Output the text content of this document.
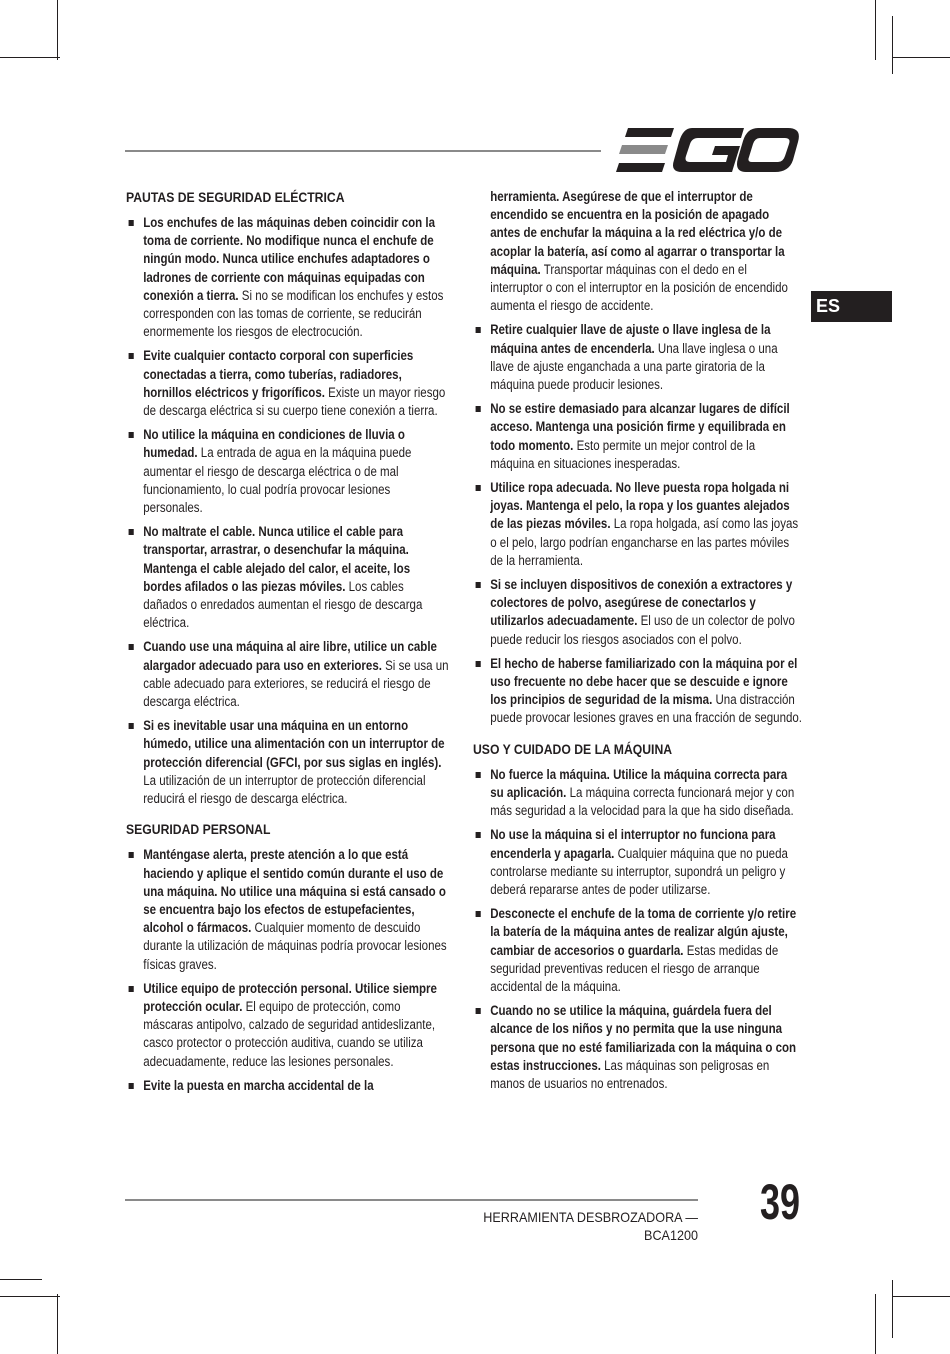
ES
PAUTAS DE SEGURIDAD ELÉCTRICA
Los enchufes de las máquinas deben coincidir con la toma de corriente. No modifique nunca el enchufe de ningún modo. Nunca utilice enchufes adaptadores o ladrones de corriente con máquinas equipadas con conexión a tierra. Si no se modifican los enchufes y estos corresponden con las tomas de corriente, se reducirán enormemente los riesgos de electrocución.
Evite cualquier contacto corporal con superficies conectadas a tierra, como tuberías, radiadores, hornillos eléctricos y frigoríficos. Existe un mayor riesgo de descarga eléctrica si su cuerpo tiene conexión a tierra.
No utilice la máquina en condiciones de lluvia o humedad. La entrada de agua en la máquina puede aumentar el riesgo de descarga eléctrica o de mal funcionamiento, lo cual podría provocar lesiones personales.
No maltrate el cable. Nunca utilice el cable para transportar, arrastrar, o desenchufar la máquina. Mantenga el cable alejado del calor, el aceite, los bordes afilados o las piezas móviles. Los cables dañados o enredados aumentan el riesgo de descarga eléctrica.
Cuando use una máquina al aire libre, utilice un cable alargador adecuado para uso en exteriores. Si se usa un cable adecuado para exteriores, se reducirá el riesgo de descarga eléctrica.
Si es inevitable usar una máquina en un entorno húmedo, utilice una alimentación con un interruptor de protección diferencial (GFCI, por sus siglas en inglés). La utilización de un interruptor de protección diferencial reducirá el riesgo de descarga eléctrica.
SEGURIDAD PERSONAL
Manténgase alerta, preste atención a lo que está haciendo y aplique el sentido común durante el uso de una máquina. No utilice una máquina si está cansado o se encuentra bajo los efectos de estupefacientes, alcohol o fármacos. Cualquier momento de descuido durante la utilización de máquinas podría provocar lesiones físicas graves.
Utilice equipo de protección personal. Utilice siempre protección ocular. El equipo de protección, como máscaras antipolvo, calzado de seguridad antideslizante, casco protector o protección auditiva, cuando se utiliza adecuadamente, reduce las lesiones personales.
Evite la puesta en marcha accidental de la
herramienta. Asegúrese de que el interruptor de encendido se encuentra en la posición de apagado antes de enchufar la máquina a la red eléctrica y/o de acoplar la batería, así como al agarrar o transportar la máquina. Transportar máquinas con el dedo en el interruptor o con el interruptor en la posición de encendido aumenta el riesgo de accidente.
Retire cualquier llave de ajuste o llave inglesa de la máquina antes de encenderla. Una llave inglesa o una llave de ajuste enganchada a una parte giratoria de la máquina puede producir lesiones.
No se estire demasiado para alcanzar lugares de difícil acceso. Mantenga una posición firme y equilibrada en todo momento. Esto permite un mejor control de la máquina en situaciones inesperadas.
Utilice ropa adecuada. No lleve puesta ropa holgada ni joyas. Mantenga el pelo, la ropa y los guantes alejados de las piezas móviles. La ropa holgada, así como las joyas o el pelo, largo podrían engancharse en las partes móviles de la herramienta.
Si se incluyen dispositivos de conexión a extractores y colectores de polvo, asegúrese de conectarlos y utilizarlos adecuadamente. El uso de un colector de polvo puede reducir los riesgos asociados con el polvo.
El hecho de haberse familiarizado con la máquina por el uso frecuente no debe hacer que se descuide e ignore los principios de seguridad de la misma. Una distracción puede provocar lesiones graves en una fracción de segundo.
USO Y CUIDADO DE LA MÁQUINA
No fuerce la máquina. Utilice la máquina correcta para su aplicación. La máquina correcta funcionará mejor y con más seguridad a la velocidad para la que ha sido diseñada.
No use la máquina si el interruptor no funciona para encenderla y apagarla. Cualquier máquina que no pueda controlarse mediante su interruptor, supondrá un peligro y deberá repararse antes de poder utilizarse.
Desconecte el enchufe de la toma de corriente y/o retire la batería de la máquina antes de realizar algún ajuste, cambiar de accesorios o guardarla. Estas medidas de seguridad preventivas reducen el riesgo de arranque accidental de la máquina.
Cuando no se utilice la máquina, guárdela fuera del alcance de los niños y no permita que la use ninguna persona que no esté familiarizada con la máquina o con estas instrucciones. Las máquinas son peligrosas en manos de usuarios no entrenados.
HERRAMIENTA DESBROZADORA — BCA1200
39
